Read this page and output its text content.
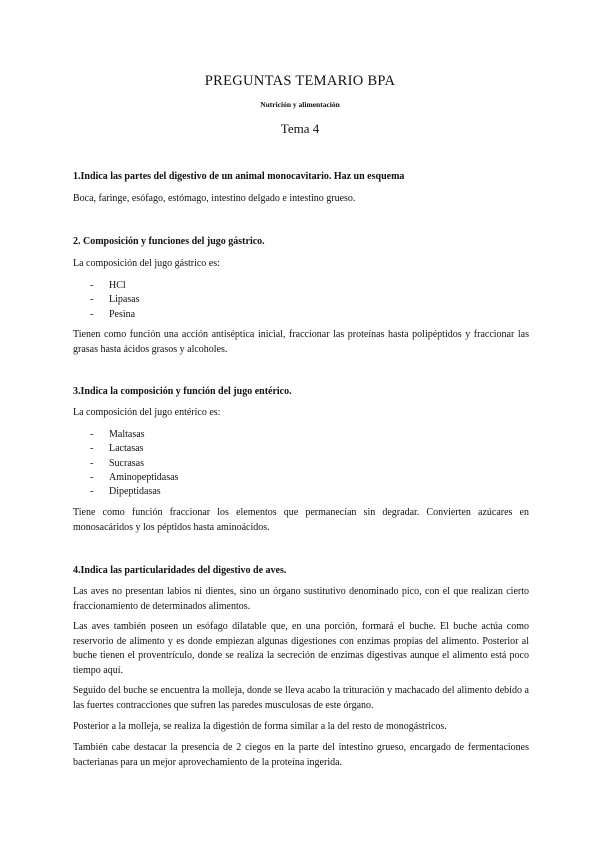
PREGUNTAS TEMARIO BPA
Nutrición y alimentación
Tema 4
1.Indica las partes del digestivo de un animal monocavitario. Haz un esquema
Boca, faringe, esófago, estómago, intestino delgado e intestino grueso.
2. Composición y funciones del jugo gástrico.
La composición del jugo gástrico es:
- HCl
- Lipasas
- Pesina
Tienen como función una acción antiséptica inicial, fraccionar las proteínas hasta polipéptidos y fraccionar las grasas hasta ácidos grasos y alcoholes.
3.Indica la composición y función del jugo entérico.
La composición del jugo entérico es:
- Maltasas
- Lactasas
- Sucrasas
- Aminopeptidasas
- Dipeptidasas
Tiene como función fraccionar los elementos que permanecían sin degradar. Convierten azúcares en monosacáridos y los péptidos hasta aminoácidos.
4.Indica las particularidades del digestivo de aves.
Las aves no presentan labios ni dientes, sino un órgano sustitutivo denominado pico, con el que realizan cierto fraccionamiento de determinados alimentos.
Las aves también poseen un esófago dilatable que, en una porción, formará el buche. El buche actúa como reservorio de alimento y es donde empiezan algunas digestiones con enzimas propias del alimento. Posterior al buche tienen el proventrículo, donde se realiza la secreción de enzimas digestivas aunque el alimento está poco tiempo aquí.
Seguido del buche se encuentra la molleja, donde se lleva acabo la trituración y machacado del alimento debido a las fuertes contracciones que sufren las paredes musculosas de este órgano.
Posterior a la molleja, se realiza la digestión de forma similar a la del resto de monogástricos.
También cabe destacar la presencia de 2 ciegos en la parte del intestino grueso, encargado de fermentaciones bacterianas para un mejor aprovechamiento de la proteína ingerida.
